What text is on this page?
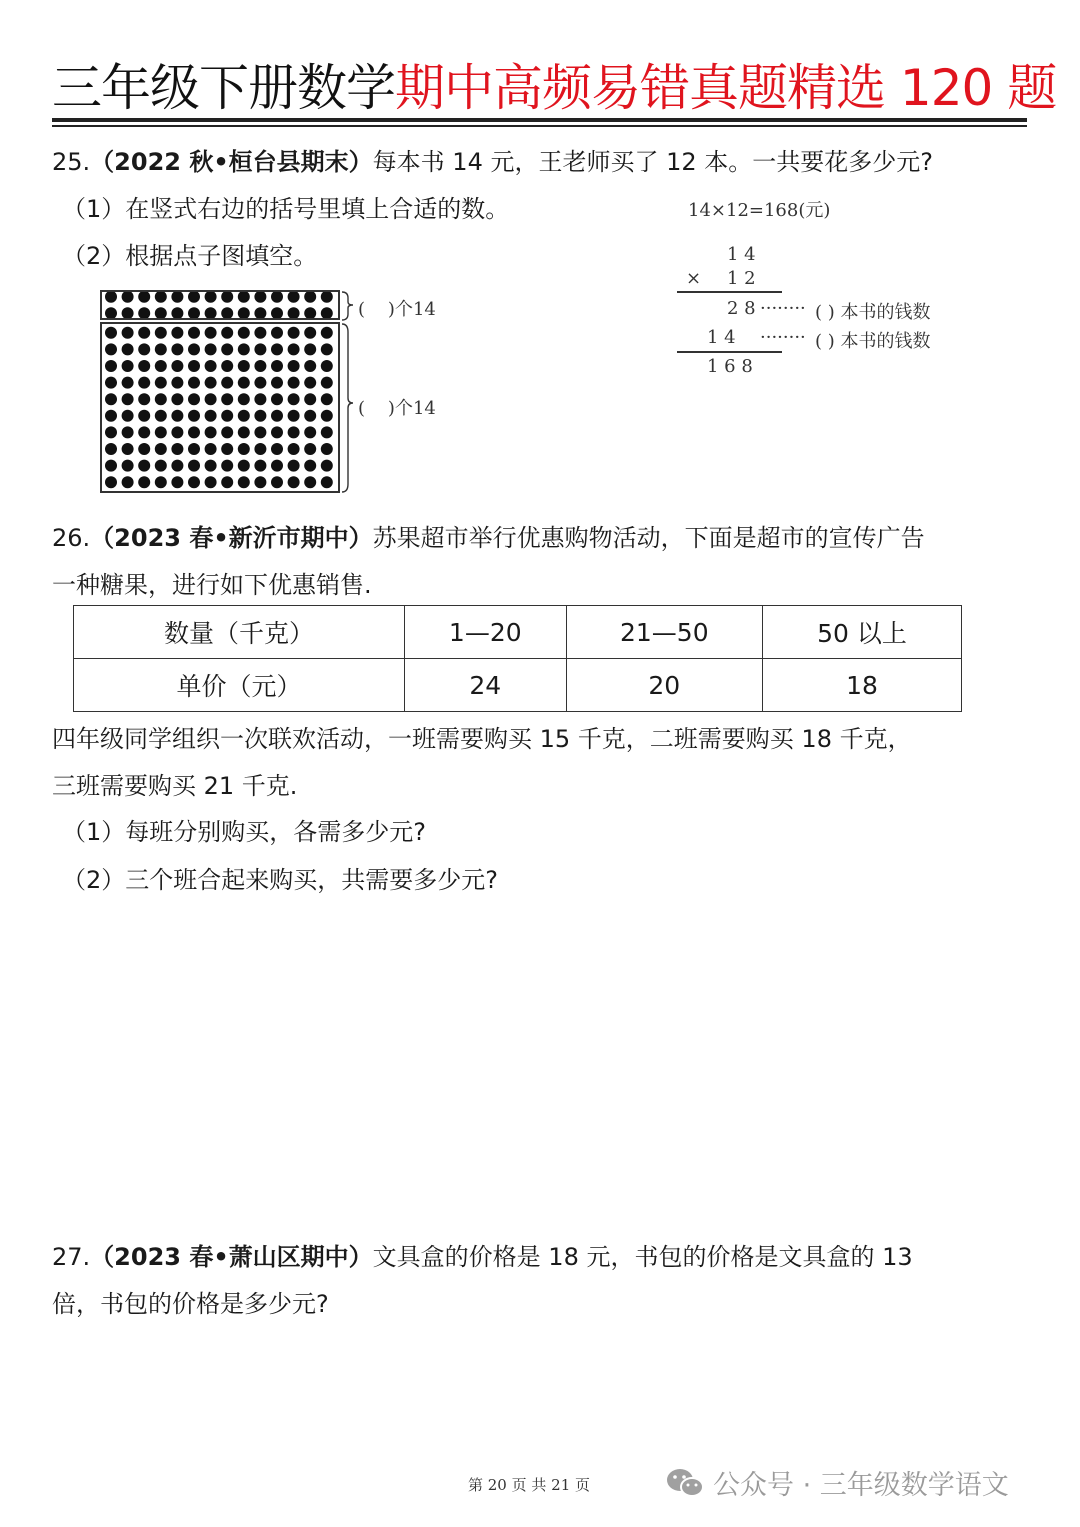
三年级下册数学期中高频易错真题精选 120 题
25.（2022 秋•桓台县期末）每本书 14 元，王老师买了 12 本。一共要花多少元?
（1）在竖式右边的括号里填上合适的数。
（2）根据点子图填空。
( )个14
( )个14
14×12=168(元)
1 4
× 1 2
2 8 ········ ( ) 本书的钱数
1 4 ········ ( ) 本书的钱数
1 6 8
26.（2023 春•新沂市期中）苏果超市举行优惠购物活动，下面是超市的宣传广告
一种糖果，进行如下优惠销售.
数量（千克）	1—20	21—50	50 以上
单价（元）	24	20	18
四年级同学组织一次联欢活动，一班需要购买 15 千克，二班需要购买 18 千克，
三班需要购买 21 千克.
（1）每班分别购买，各需多少元?
（2）三个班合起来购买，共需要多少元?
27.（2023 春•萧山区期中）文具盒的价格是 18 元，书包的价格是文具盒的 13
倍，书包的价格是多少元?
第 20 页 共 21 页	公众号 · 三年级数学语文
